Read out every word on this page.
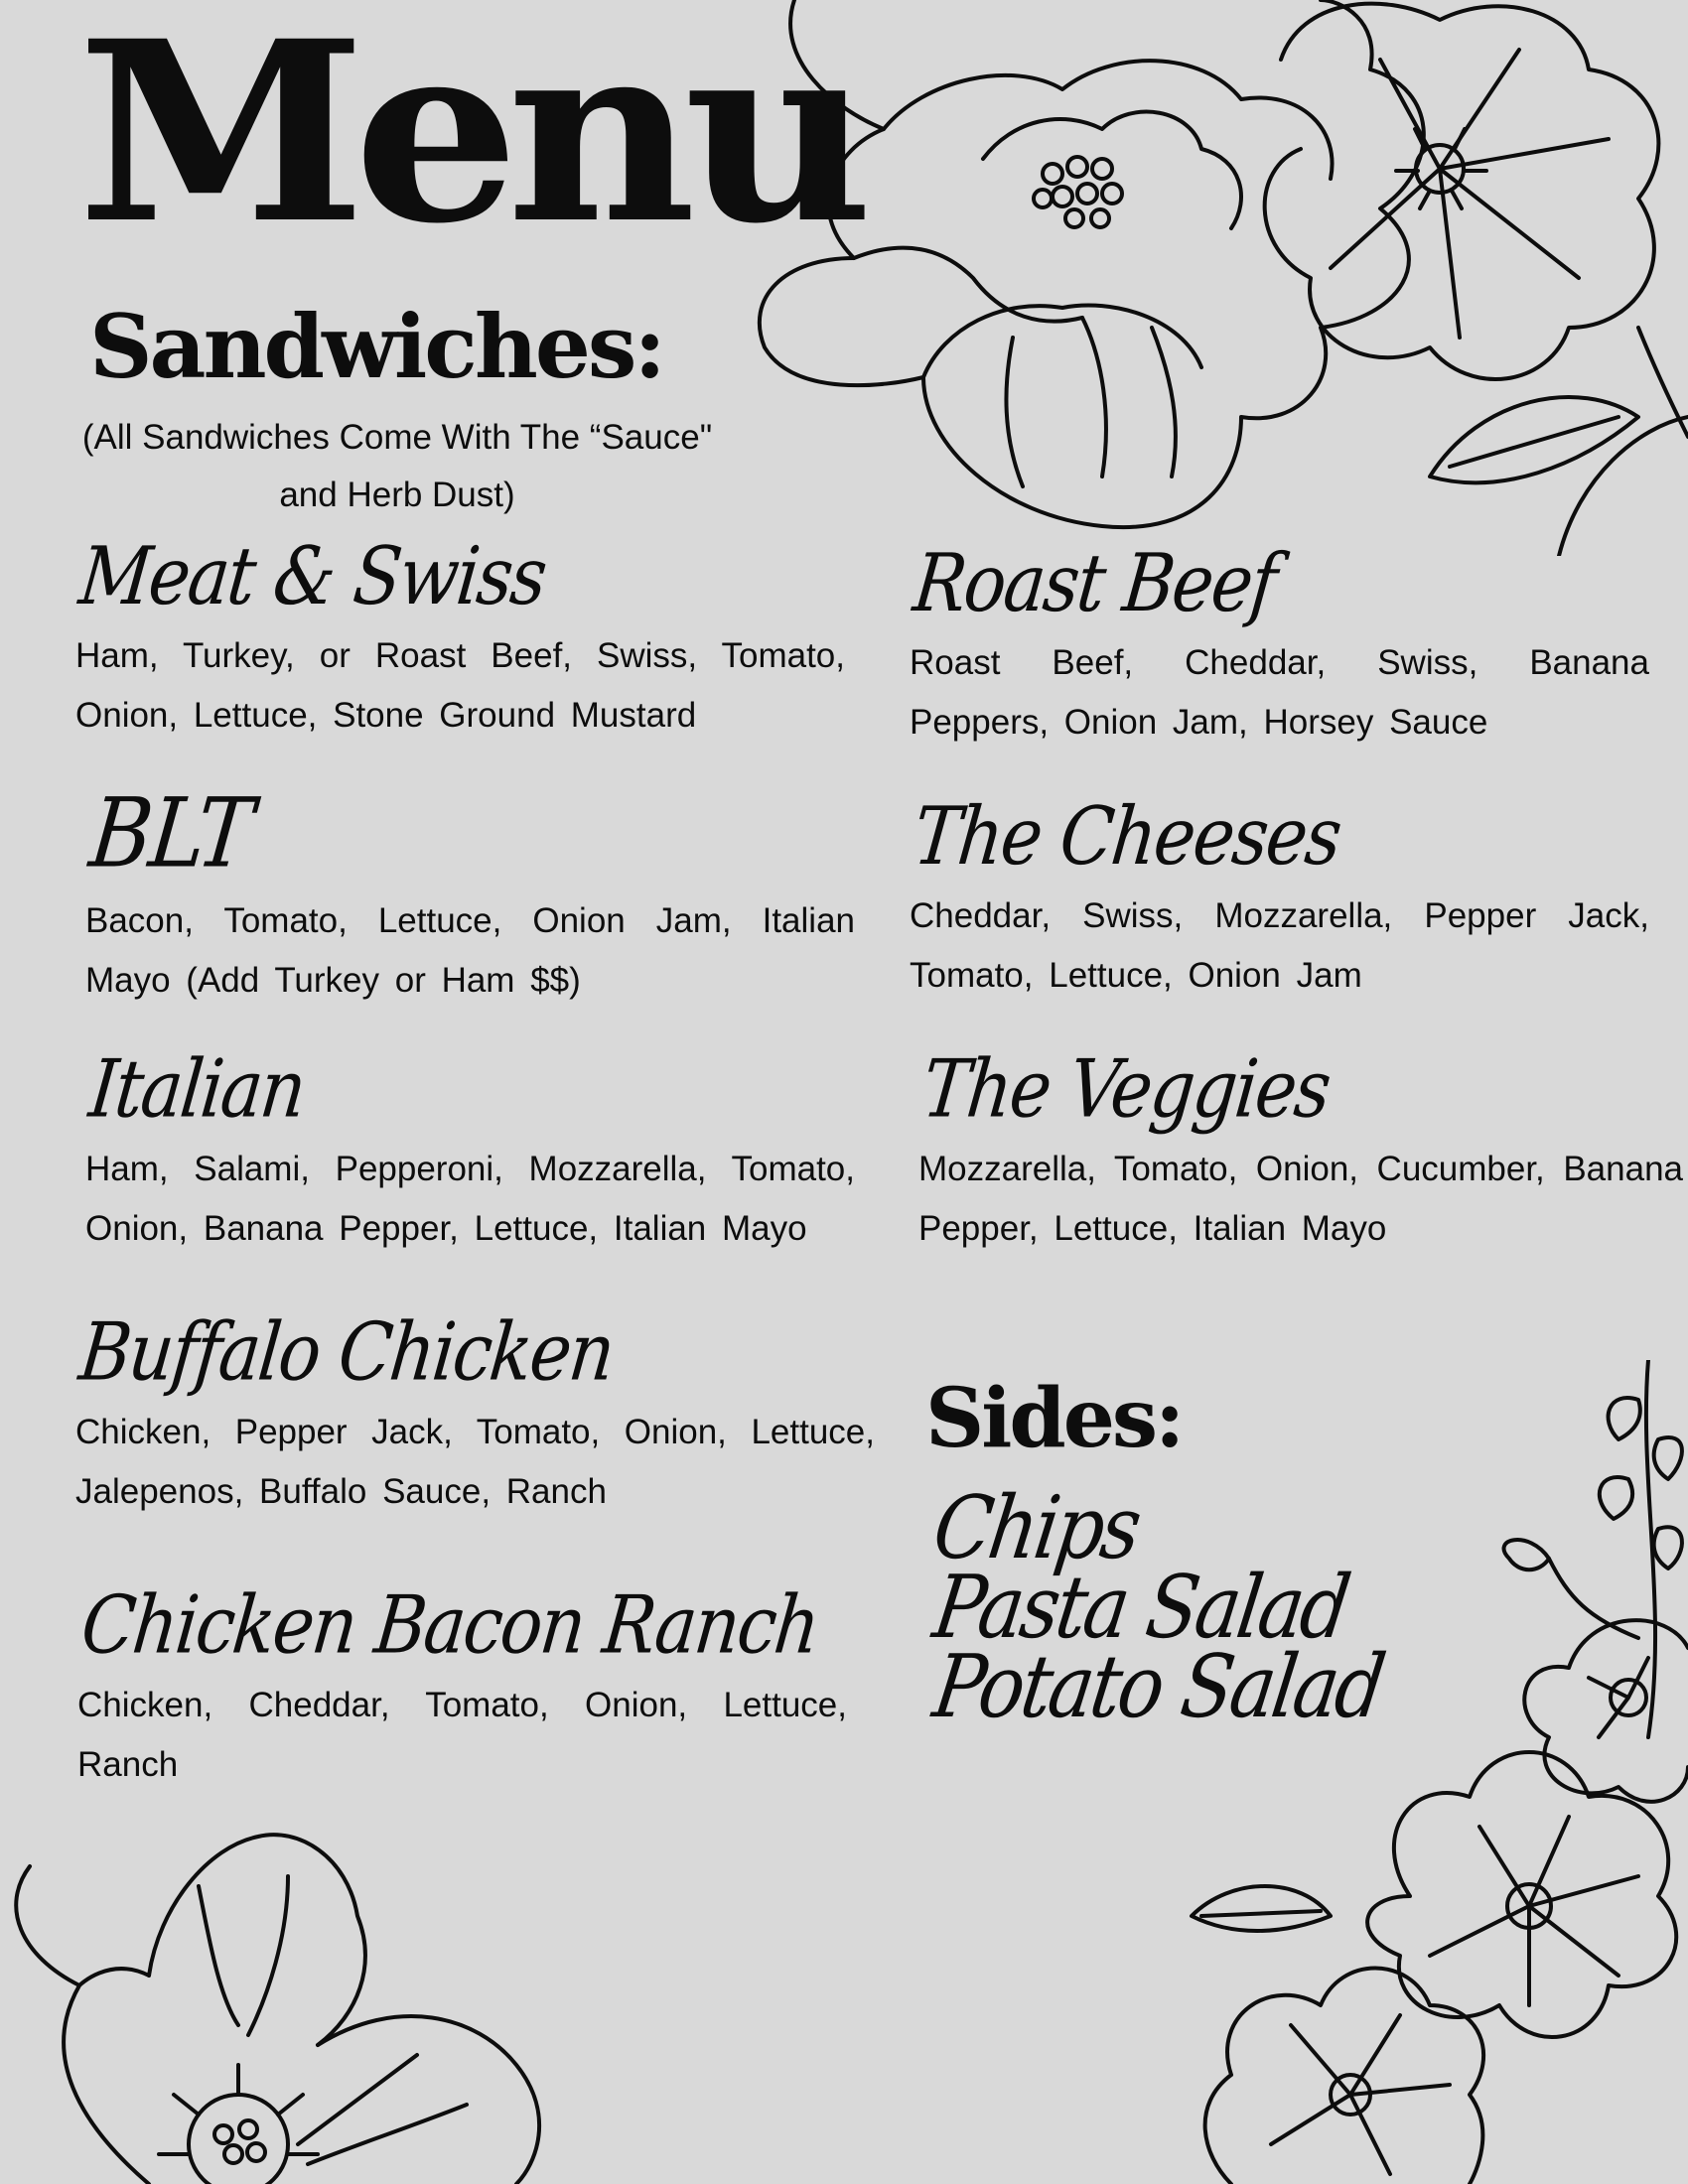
Menu
Sandwiches:

(All Sandwiches Come With The “Sauce"
and Herb Dust)

Meat & Swiss
Ham, Turkey, or Roast Beef, Swiss, Tomato, Onion, Lettuce, Stone Ground Mustard
BLT
Bacon, Tomato, Lettuce, Onion Jam, Italian Mayo (Add Turkey or Ham $$)
Italian
Ham, Salami, Pepperoni, Mozzarella, Tomato, Onion, Banana Pepper, Lettuce, Italian Mayo
Buffalo Chicken
Chicken, Pepper Jack, Tomato, Onion, Lettuce, Jalepenos, Buffalo Sauce, Ranch
Chicken Bacon Ranch
Chicken, Cheddar, Tomato, Onion, Lettuce, Ranch
Roast Beef
Roast Beef, Cheddar, Swiss, Banana Peppers, Onion Jam, Horsey Sauce
The Cheeses
Cheddar, Swiss, Mozzarella, Pepper Jack, Tomato, Lettuce, Onion Jam
The Veggies
Mozzarella, Tomato, Onion, Cucumber, Banana Pepper, Lettuce, Italian Mayo
Sides:
Chips
Pasta Salad
Potato Salad
